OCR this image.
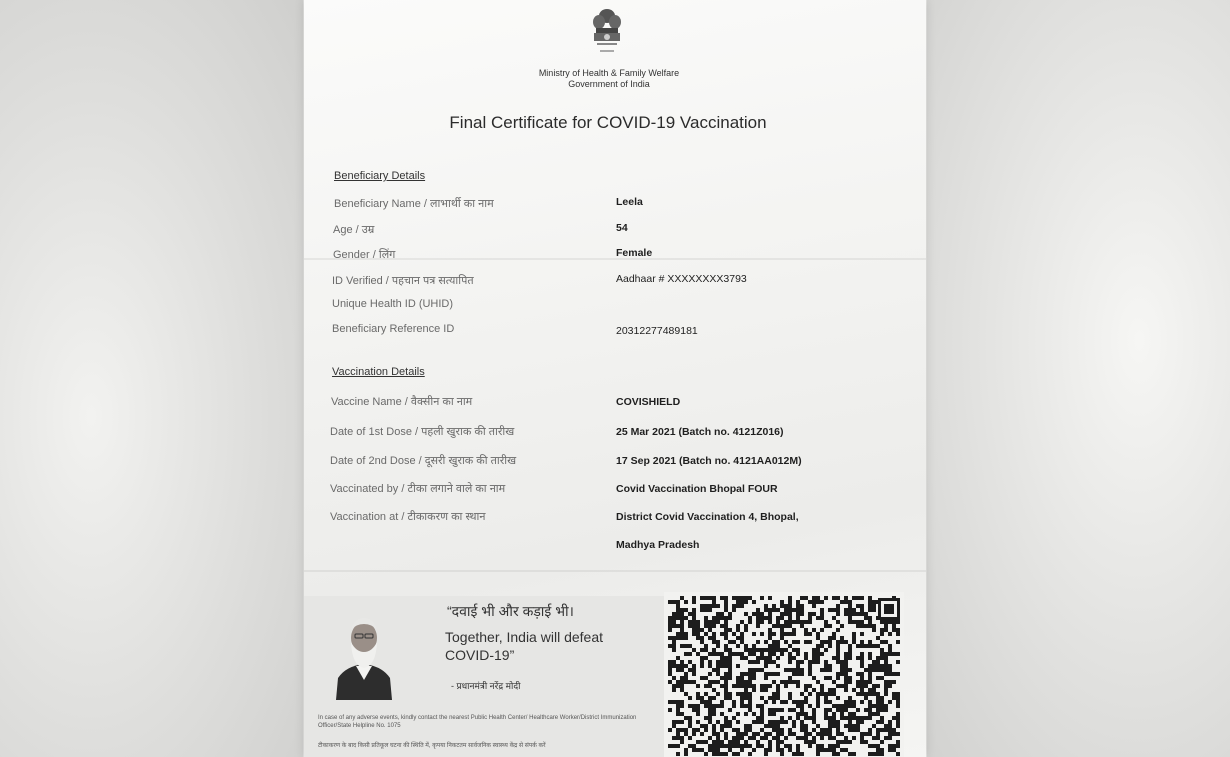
Ministry of Health & Family Welfare
Government of India
Final Certificate for COVID-19 Vaccination
Beneficiary Details
Beneficiary Name / लाभार्थी का नाम	Leela
Age / उम्र	54
Gender / लिंग	Female
ID Verified / पहचान पत्र सत्यापित	Aadhaar # XXXXXXXX3793
Unique Health ID (UHID)
Beneficiary Reference ID	20312277489181
Vaccination Details
Vaccine Name / वैक्सीन का नाम	COVISHIELD
Date of 1st Dose / पहली खुराक की तारीख	25 Mar 2021 (Batch no. 4121Z016)
Date of 2nd Dose / दूसरी खुराक की तारीख	17 Sep 2021 (Batch no. 4121AA012M)
Vaccinated by / टीका लगाने वाले का नाम	Covid Vaccination Bhopal FOUR
Vaccination at / टीकाकरण का स्थान	District Covid Vaccination 4, Bhopal,
Madhya Pradesh
“दवाई भी और कड़ाई भी।
Together, India will defeat COVID-19”
- प्रधानमंत्री नरेंद्र मोदी
In case of any adverse events, kindly contact the nearest Public Health Center/ Healthcare Worker/District Immunization Officer/State Helpline No. 1075
टीकाकरण के बाद किसी प्रतिकूल घटना की स्थिति में, कृपया निकटतम सार्वजनिक स्वास्थ्य केंद्र से संपर्क करें
